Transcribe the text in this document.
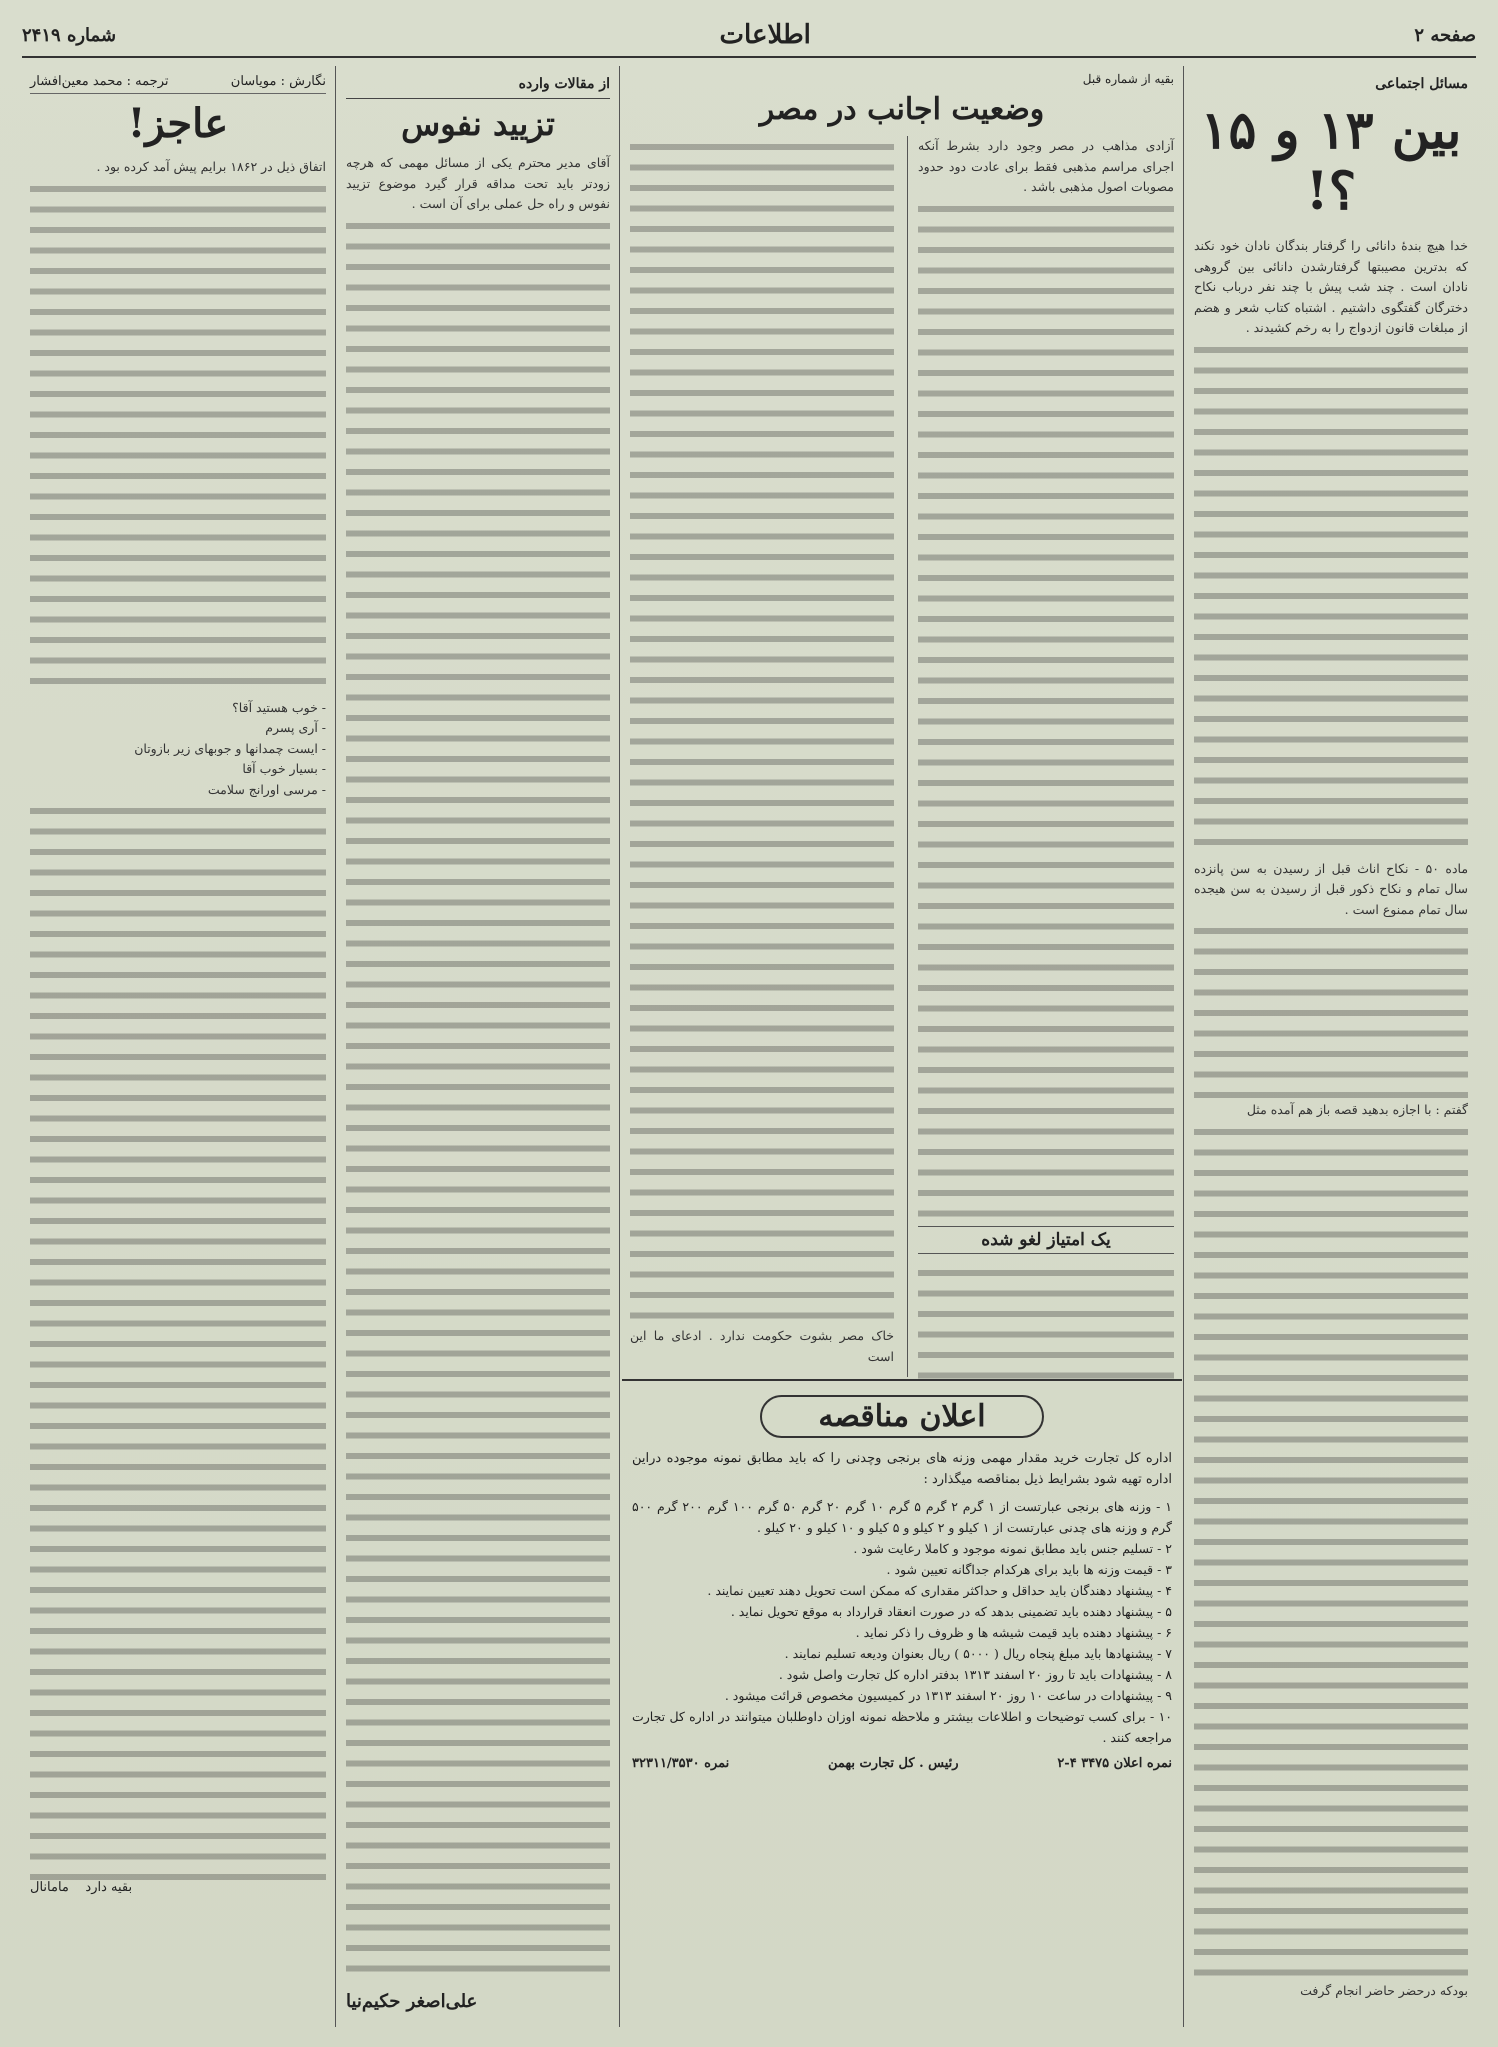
صفحه ۲
اطلاعات
شماره ۲۴۱۹
مسائل اجتماعی
بین ۱۳ و ۱۵ ؟!
خدا هیچ بندهٔ دانائی را گرفتار بندگان نادان خود نکند که بدترین مصیبتها گرفتارشدن دانائی بین گروهی نادان است . چند شب پیش با چند نفر درباب نکاح دخترگان گفتگوی داشتیم . اشتباه کتاب شعر و هضم از مبلغات قانون ازدواج را به رخم کشیدند .
ماده ۵۰ - نکاح اناث قبل از رسیدن به سن پانزده سال تمام و نکاح ذکور قبل از رسیدن به سن هیجده سال تمام ممنوع است .
گفتم : با اجازه بدهید قصه باز هم آمده مثل
بودکه درحضر حاضر انجام گرفت
بقیه از شماره قبل
وضعیت اجانب در مصر
آزادی مذاهب در مصر وجود دارد بشرط آنکه اجرای مراسم مذهبی فقط برای عادت دود حدود مصوبات اصول مذهبی باشد .
یک امتیاز لغو شده
خاک مصر بشوت حکومت ندارد . ادعای ما این است
اعلان مناقصه
اداره کل تجارت خرید مقدار مهمی وزنه های برنجی وچدنی را که باید مطابق نمونه موجوده دراین اداره تهیه شود بشرایط ذیل بمناقصه میگذارد :
۱ - وزنه های برنجی عبارتست از ۱ گرم ۲ گرم ۵ گرم ۱۰ گرم ۲۰ گرم ۵۰ گرم ۱۰۰ گرم ۲۰۰ گرم ۵۰۰ گرم و وزنه های چدنی عبارتست از ۱ کیلو و ۲ کیلو و ۵ کیلو و ۱۰ کیلو و ۲۰ کیلو .
۲ - تسلیم جنس باید مطابق نمونه موجود و کاملا رعایت شود .
۳ - قیمت وزنه ها باید برای هرکدام جداگانه تعیین شود .
۴ - پیشنهاد دهندگان باید حداقل و حداکثر مقداری که ممکن است تحویل دهند تعیین نمایند .
۵ - پیشنهاد دهنده باید تضمینی بدهد که در صورت انعقاد قرارداد به موقع تحویل نماید .
۶ - پیشنهاد دهنده باید قیمت شیشه ها و ظروف را ذکر نماید .
۷ - پیشنهادها باید مبلغ پنجاه ریال ( ۵۰۰۰ ) ریال بعنوان ودیعه تسلیم نمایند .
۸ - پیشنهادات باید تا روز ۲۰ اسفند ۱۳۱۳ بدفتر اداره کل تجارت واصل شود .
۹ - پیشنهادات در ساعت ۱۰ روز ۲۰ اسفند ۱۳۱۳ در کمیسیون مخصوص قرائت میشود .
۱۰ - برای کسب توضیحات و اطلاعات بیشتر و ملاحظه نمونه اوزان داوطلبان میتوانند در اداره کل تجارت مراجعه کنند .
نمره اعلان ۳۴۷۵ ۴-۲
رئیس . کل تجارت بهمن
نمره ۳۲۳۱۱/۳۵۳۰
از مقالات وارده
تزیید نفوس
آقای مدیر محترم یکی از مسائل مهمی که هرچه زودتر باید تحت مداقه قرار گیرد موضوع تزیید نفوس و راه حل عملی برای آن است .
علی‌اصغر حکیم‌نیا
نگارش : مویاسان
ترجمه : محمد معین‌افشار
عاجز!
اتفاق ذیل در ۱۸۶۲ برایم پیش آمد کرده بود .
- خوب هستید آقا؟
- آری پسرم
- ایست چمدانها و جوبهای زیر بازوتان
- بسیار خوب آقا
- مرسی اورانج سلامت
بقیه دارد    مامانال
